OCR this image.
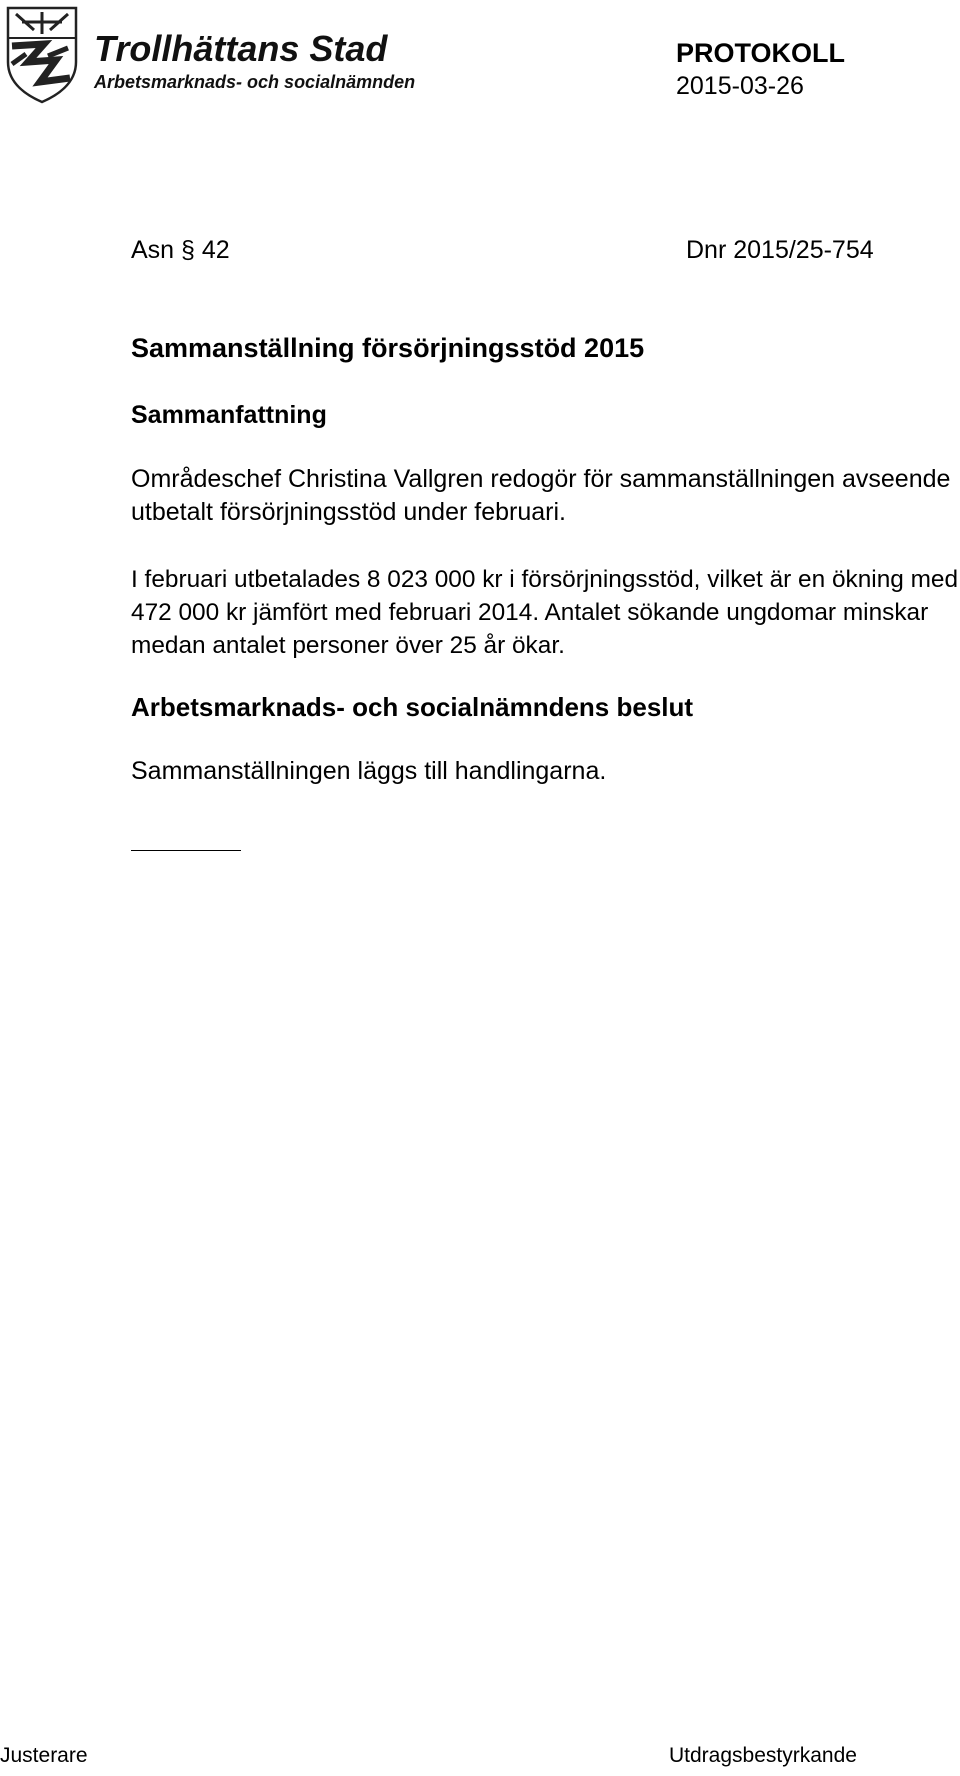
Trollhättans Stad
Arbetsmarknads- och socialnämnden
PROTOKOLL
2015-03-26
Asn § 42	Dnr 2015/25-754
Sammanställning försörjningsstöd 2015
Sammanfattning
Områdeschef Christina Vallgren redogör för sammanställningen avseende utbetalt försörjningsstöd under februari.
I februari utbetalades 8 023 000 kr i försörjningsstöd, vilket är en ökning med 472 000 kr jämfört med februari 2014. Antalet sökande ungdomar minskar medan antalet personer över 25 år ökar.
Arbetsmarknads- och socialnämndens beslut
Sammanställningen läggs till handlingarna.
Justerare	Utdragsbestyrkande
